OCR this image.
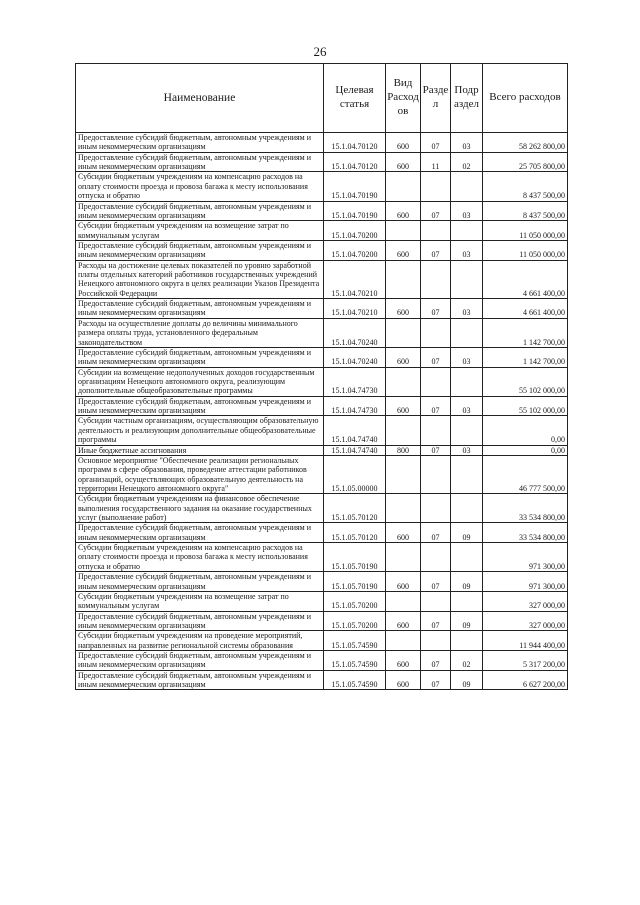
26
Наименование	Целевая статья	Вид Расход ов	Разде л	Подр аздел	Всего расходов
Предоставление субсидий бюджетным, автономным учреждениям и иным некоммерческим организациям	15.1.04.70120	600	07	03	58 262 800,00
Предоставление субсидий бюджетным, автономным учреждениям и иным некоммерческим организациям	15.1.04.70120	600	11	02	25 705 800,00
Субсидии бюджетным учреждениям на компенсацию расходов на оплату стоимости проезда и провоза багажа к месту использования отпуска и обратно	15.1.04.70190				8 437 500,00
Предоставление субсидий бюджетным, автономным учреждениям и иным некоммерческим организациям	15.1.04.70190	600	07	03	8 437 500,00
Субсидии бюджетным учреждениям на возмещение затрат по коммунальным услугам	15.1.04.70200				11 050 000,00
Предоставление субсидий бюджетным, автономным учреждениям и иным некоммерческим организациям	15.1.04.70200	600	07	03	11 050 000,00
Расходы на достижение целевых показателей по уровню заработной платы отдельных категорий работников государственных учреждений Ненецкого автономного округа в целях реализации Указов Президента Российской Федерации	15.1.04.70210				4 661 400,00
Предоставление субсидий бюджетным, автономным учреждениям и иным некоммерческим организациям	15.1.04.70210	600	07	03	4 661 400,00
Расходы на осуществление доплаты до величины минимального размера оплаты труда, установленного федеральным законодательством	15.1.04.70240				1 142 700,00
Предоставление субсидий бюджетным, автономным учреждениям и иным некоммерческим организациям	15.1.04.70240	600	07	03	1 142 700,00
Субсидии на возмещение недополученных доходов государственным организациям Ненецкого автономного округа, реализующим дополнительные общеобразовательные программы	15.1.04.74730				55 102 000,00
Предоставление субсидий бюджетным, автономным учреждениям и иным некоммерческим организациям	15.1.04.74730	600	07	03	55 102 000,00
Субсидии частным организациям, осуществляющим образовательную деятельность и реализующим дополнительные общеобразовательные программы	15.1.04.74740				0,00
Иные бюджетные ассигнования	15.1.04.74740	800	07	03	0,00
Основное мероприятие "Обеспечение реализации региональных программ в сфере образования, проведение аттестации работников организаций, осуществляющих образовательную деятельность на территории Ненецкого автономного округа"	15.1.05.00000				46 777 500,00
Субсидии бюджетным учреждениям на финансовое обеспечение выполнения государственного задания на оказание государственных услуг (выполнение работ)	15.1.05.70120				33 534 800,00
Предоставление субсидий бюджетным, автономным учреждениям и иным некоммерческим организациям	15.1.05.70120	600	07	09	33 534 800,00
Субсидии бюджетным учреждениям на компенсацию расходов на оплату стоимости проезда и провоза багажа к месту использования отпуска и обратно	15.1.05.70190				971 300,00
Предоставление субсидий бюджетным, автономным учреждениям и иным некоммерческим организациям	15.1.05.70190	600	07	09	971 300,00
Субсидии бюджетным учреждениям на возмещение затрат по коммунальным услугам	15.1.05.70200				327 000,00
Предоставление субсидий бюджетным, автономным учреждениям и иным некоммерческим организациям	15.1.05.70200	600	07	09	327 000,00
Субсидии бюджетным учреждениям на проведение мероприятий, направленных на развитие региональной системы образования	15.1.05.74590				11 944 400,00
Предоставление субсидий бюджетным, автономным учреждениям и иным некоммерческим организациям	15.1.05.74590	600	07	02	5 317 200,00
Предоставление субсидий бюджетным, автономным учреждениям и иным некоммерческим организациям	15.1.05.74590	600	07	09	6 627 200,00
